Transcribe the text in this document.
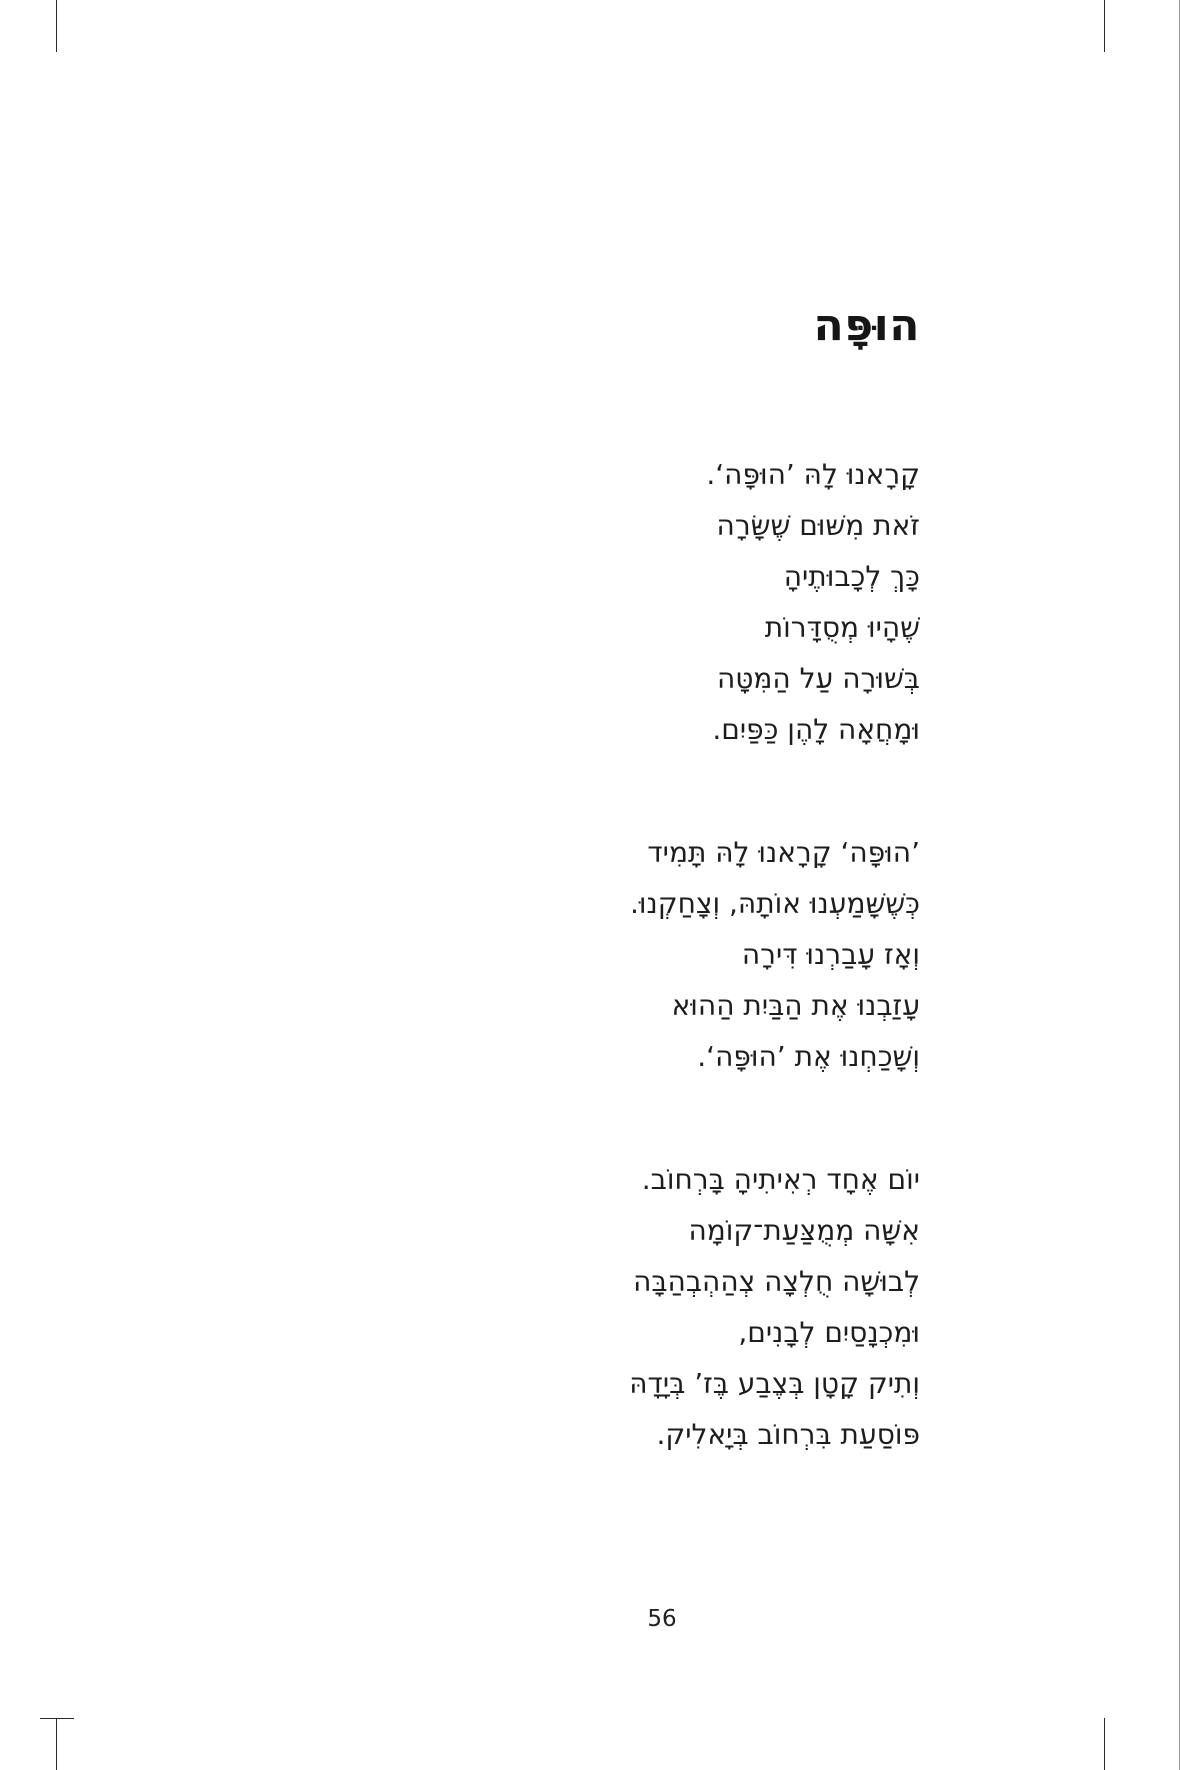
הוּפָּה
קָרָאנוּ לָהּ ’הוּפָּה‘.
זֹאת מִשּׁוּם שֶׁשָּׂרָה
כָּךְ לְכָבוּתֶיהָ
שֶׁהָיוּ מְסֻדָּרוֹת
בְּשׁוּרָה עַל הַמִּטָּה
וּמָחֲאָה לָהֶן כַּפַּיִם.
’הוּפָּה‘ קָרָאנוּ לָהּ תָּמִיד
כְּשֶׁשָּׁמַעְנוּ אוֹתָהּ, וְצָחַקְנוּ.
וְאָז עָבַרְנוּ דִּירָה
עָזַבְנוּ אֶת הַבַּיִת הַהוּא
וְשָׁכַחְנוּ אֶת ’הוּפָּה‘.
יוֹם אֶחָד רְאִיתִיהָ בָּרְחוֹב.
אִשָּׁה מְמֻצַּעַת־קוֹמָה
לְבוּשָׁה חֻלְצָה צְהַהְבְהַבָּה
וּמִכְנָסַיִם לְבָנִים,
וְתִיק קָטָן בְּצֶבַע בֶּז’ בְּיָדָהּ
פּוֹסַעַת בִּרְחוֹב בְּיָאלִיק.
56
